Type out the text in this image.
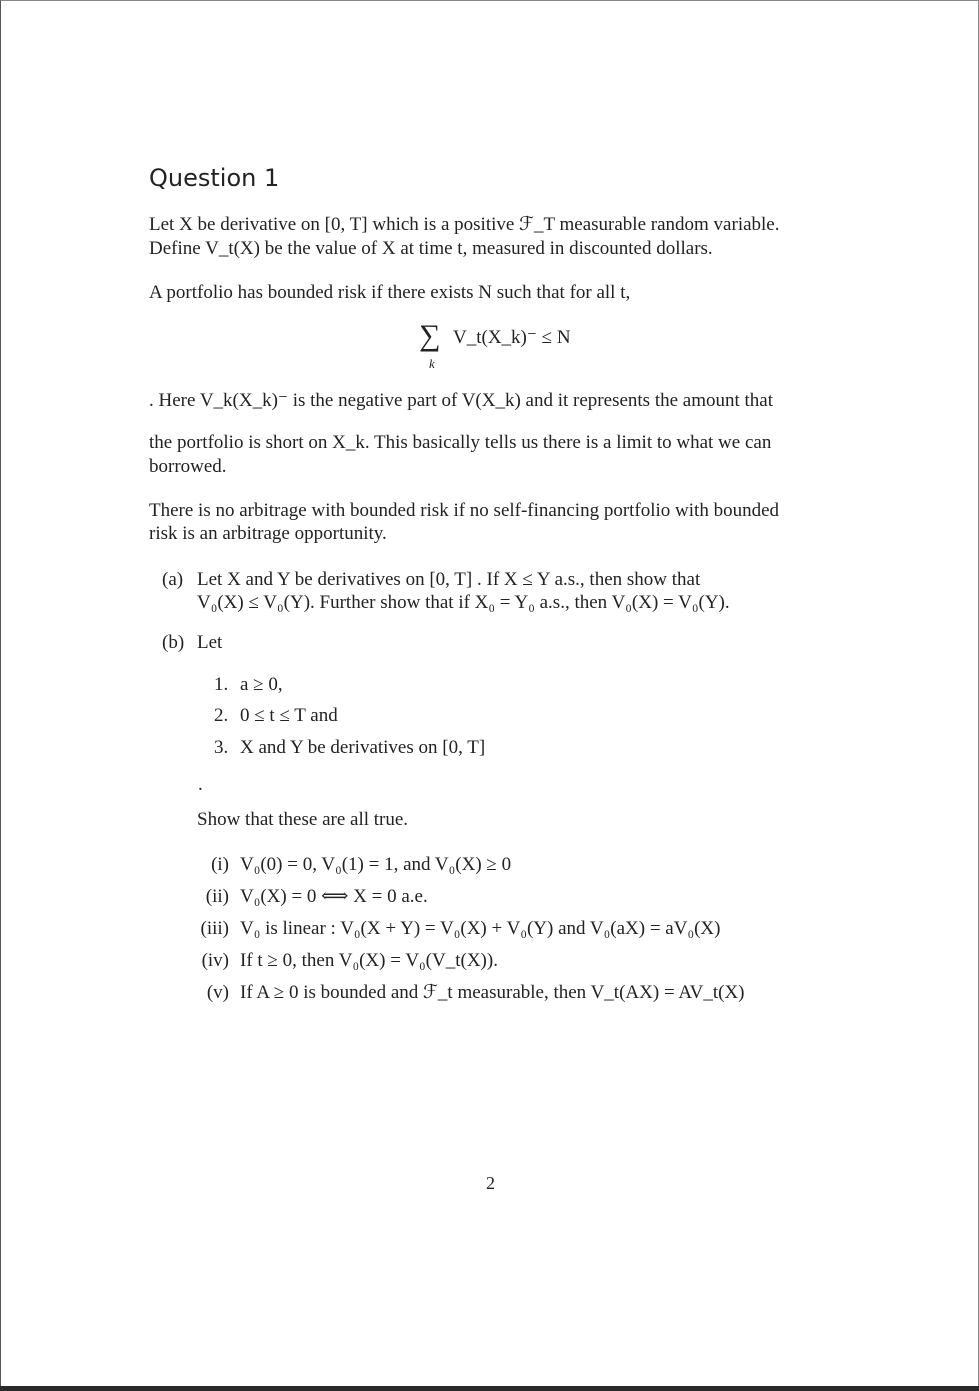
Question 1
Let X be derivative on [0, T] which is a positive ℱ_T measurable random variable.
Define V_t(X) be the value of X at time t, measured in discounted dollars.
A portfolio has bounded risk if there exists N such that for all t,
∑ V_t(X_k)⁻ ≤ N
k
. Here V_k(X_k)⁻ is the negative part of V(X_k) and it represents the amount that
the portfolio is short on X_k. This basically tells us there is a limit to what we can
borrowed.
There is no arbitrage with bounded risk if no self-financing portfolio with bounded
risk is an arbitrage opportunity.
(a) Let X and Y be derivatives on [0, T] . If X ≤ Y a.s., then show that
V₀(X) ≤ V₀(Y). Further show that if X₀ = Y₀ a.s., then V₀(X) = V₀(Y).
(b) Let
1. a ≥ 0,
2. 0 ≤ t ≤ T and
3. X and Y be derivatives on [0, T]
.
Show that these are all true.
(i) V₀(0) = 0, V₀(1) = 1, and V₀(X) ≥ 0
(ii) V₀(X) = 0 ⟺ X = 0 a.e.
(iii) V₀ is linear : V₀(X + Y) = V₀(X) + V₀(Y) and V₀(aX) = aV₀(X)
(iv) If t ≥ 0, then V₀(X) = V₀(V_t(X)).
(v) If A ≥ 0 is bounded and ℱ_t measurable, then V_t(AX) = AV_t(X)
2
